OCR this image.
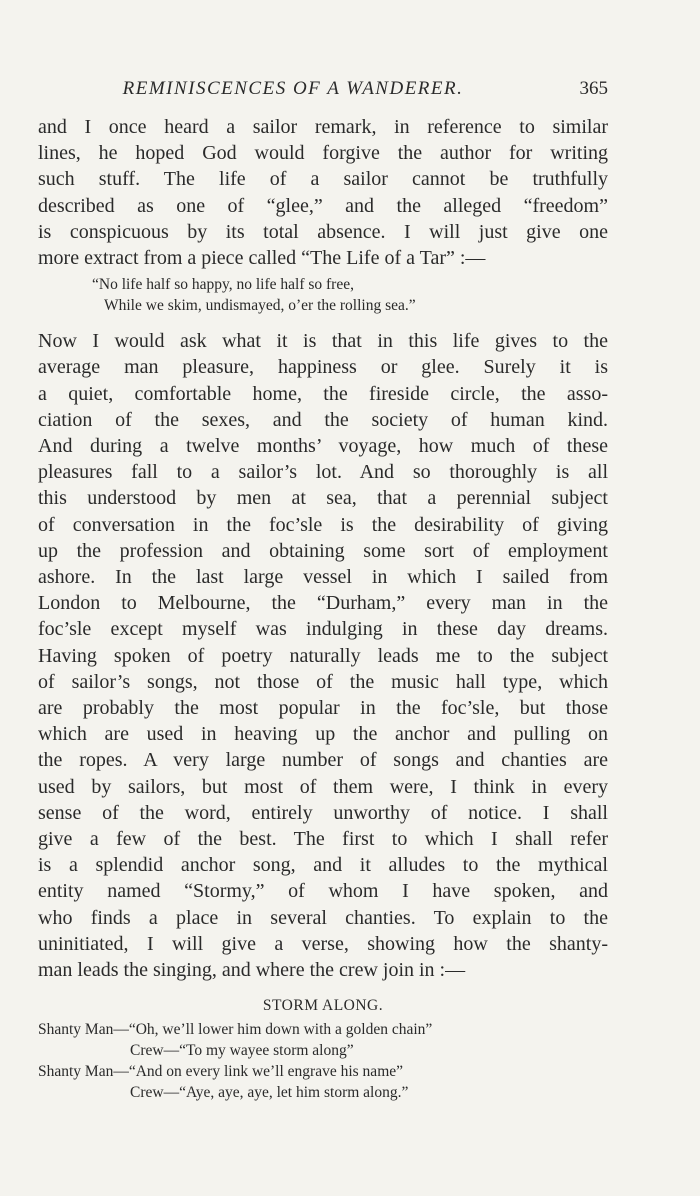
REMINISCENCES OF A WANDERER.	365

and I once heard a sailor remark, in reference to similar
lines, he hoped God would forgive the author for writing
such stuff. The life of a sailor cannot be truthfully
described as one of “glee,” and the alleged “freedom”
is conspicuous by its total absence. I will just give one
more extract from a piece called “The Life of a Tar” :—

“No life half so happy, no life half so free,
While we skim, undismayed, o’er the rolling sea.”

Now I would ask what it is that in this life gives to the
average man pleasure, happiness or glee. Surely it is
a quiet, comfortable home, the fireside circle, the asso-
ciation of the sexes, and the society of human kind.
And during a twelve months’ voyage, how much of these
pleasures fall to a sailor’s lot. And so thoroughly is all
this understood by men at sea, that a perennial subject
of conversation in the foc’sle is the desirability of giving
up the profession and obtaining some sort of employment
ashore. In the last large vessel in which I sailed from
London to Melbourne, the “Durham,” every man in the
foc’sle except myself was indulging in these day dreams.
Having spoken of poetry naturally leads me to the subject
of sailor’s songs, not those of the music hall type, which
are probably the most popular in the foc’sle, but those
which are used in heaving up the anchor and pulling on
the ropes. A very large number of songs and chanties are
used by sailors, but most of them were, I think in every
sense of the word, entirely unworthy of notice. I shall
give a few of the best. The first to which I shall refer
is a splendid anchor song, and it alludes to the mythical
entity named “Stormy,” of whom I have spoken, and
who finds a place in several chanties. To explain to the
uninitiated, I will give a verse, showing how the shanty-
man leads the singing, and where the crew join in :—

STORM ALONG.
Shanty Man—“Oh, we’ll lower him down with a golden chain”
Crew—“To my wayee storm along”
Shanty Man—“And on every link we’ll engrave his name”
Crew—“Aye, aye, aye, let him storm along.”
